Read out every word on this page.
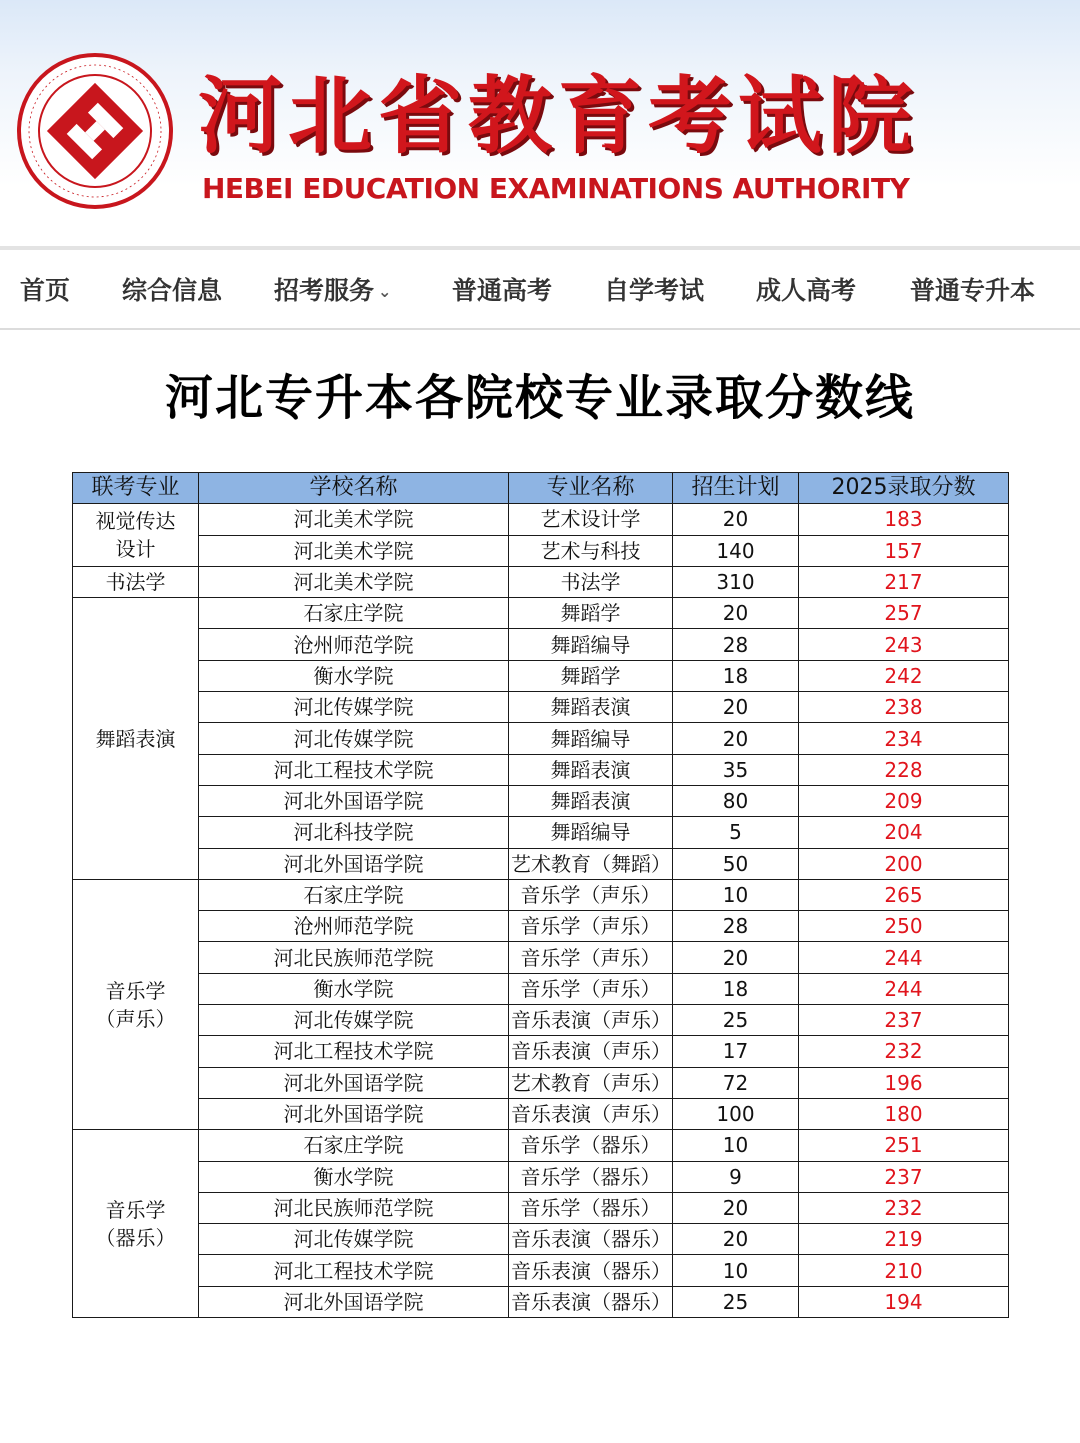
河北省教育考试院
HEBEI EDUCATION EXAMINATIONS AUTHORITY
首页 综合信息 招考服务 ⌄ 普通高考 自学考试 成人高考 普通专升本
河北专升本各院校专业录取分数线
联考专业	学校名称	专业名称	招生计划	2025录取分数
视觉传达设计	河北美术学院	艺术设计学	20	183
	河北美术学院	艺术与科技	140	157
书法学	河北美术学院	书法学	310	217
舞蹈表演	石家庄学院	舞蹈学	20	257
	沧州师范学院	舞蹈编导	28	243
	衡水学院	舞蹈学	18	242
	河北传媒学院	舞蹈表演	20	238
	河北传媒学院	舞蹈编导	20	234
	河北工程技术学院	舞蹈表演	35	228
	河北外国语学院	舞蹈表演	80	209
	河北科技学院	舞蹈编导	5	204
	河北外国语学院	艺术教育（舞蹈）	50	200

音乐学
（声乐）	石家庄学院	音乐学（声乐）	10	265
	沧州师范学院	音乐学（声乐）	28	250
	河北民族师范学院	音乐学（声乐）	20	244
	衡水学院	音乐学（声乐）	18	244
	河北传媒学院	音乐表演（声乐）	25	237
	河北工程技术学院	音乐表演（声乐）	17	232
	河北外国语学院	艺术教育（声乐）	72	196
	河北外国语学院	音乐表演（声乐）	100	180

音乐学
（器乐）	石家庄学院	音乐学（器乐）	10	251
	衡水学院	音乐学（器乐）	9	237
	河北民族师范学院	音乐学（器乐）	20	232
	河北传媒学院	音乐表演（器乐）	20	219
	河北工程技术学院	音乐表演（器乐）	10	210
	河北外国语学院	音乐表演（器乐）	25	194
